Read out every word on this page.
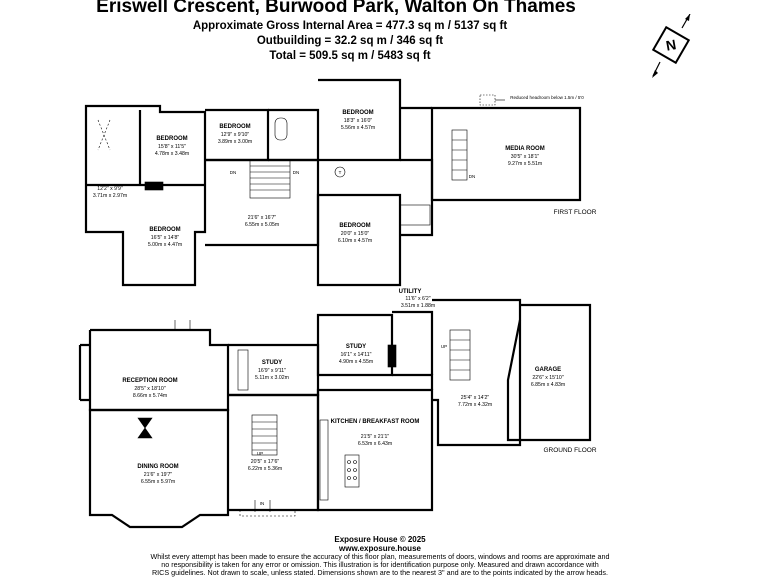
Eriswell Crescent, Burwood Park, Walton On Thames
Approximate Gross Internal Area = 477.3 sq m / 5137 sq ft
Outbuilding = 32.2 sq m / 346 sq ft
Total = 509.5 sq m / 5483 sq ft
N
BEDROOM
15'8" x 11'5"
4.78m x 3.48m
BEDROOM
12'9" x 9'10"
3.89m x 3.00m
BEDROOM
18'3" x 16'0"
5.56m x 4.57m
MEDIA ROOM
30'5" x 18'1"
9.27m x 5.51m
12'2" x 9'9"
3.71m x 2.97m
BEDROOM
16'5" x 14'8"
5.00m x 4.47m
21'6" x 16'7"
6.55m x 5.05m	BEDROOM
20'0" x 15'0"
6.10m x 4.57m
DN	DN
DN
T
Reduced headroom below 1.5m / 5'0
FIRST FLOOR
UTILITY
11'6" x 6'2"
3.51m x 1.88m
RECEPTION ROOM
28'5" x 18'10"
8.66m x 5.74m
STUDY
16'9" x 9'11"
5.11m x 3.02m
STUDY
16'1" x 14'11"
4.90m x 4.55m
25'4" x 14'2"
7.72m x 4.32m
GARAGE
22'6" x 15'10"
6.85m x 4.83m
KITCHEN / BREAKFAST ROOM
21'5" x 21'1"
6.53m x 6.43m
20'5" x 17'6"
6.22m x 5.36m
DINING ROOM
21'6" x 19'7"
6.55m x 5.97m
UP
UP
IN
GROUND FLOOR
Exposure House © 2025
www.exposure.house
Whilst every attempt has been made to ensure the accuracy of this floor plan, measurements of doors, windows and rooms are approximate and
no responsibility is taken for any error or omission. This illustration is for identification purpose only. Measured and drawn accordance with
RICS guidelines. Not drawn to scale, unless stated. Dimensions shown are to the nearest 3" and are to the points indicated by the arrow heads.
